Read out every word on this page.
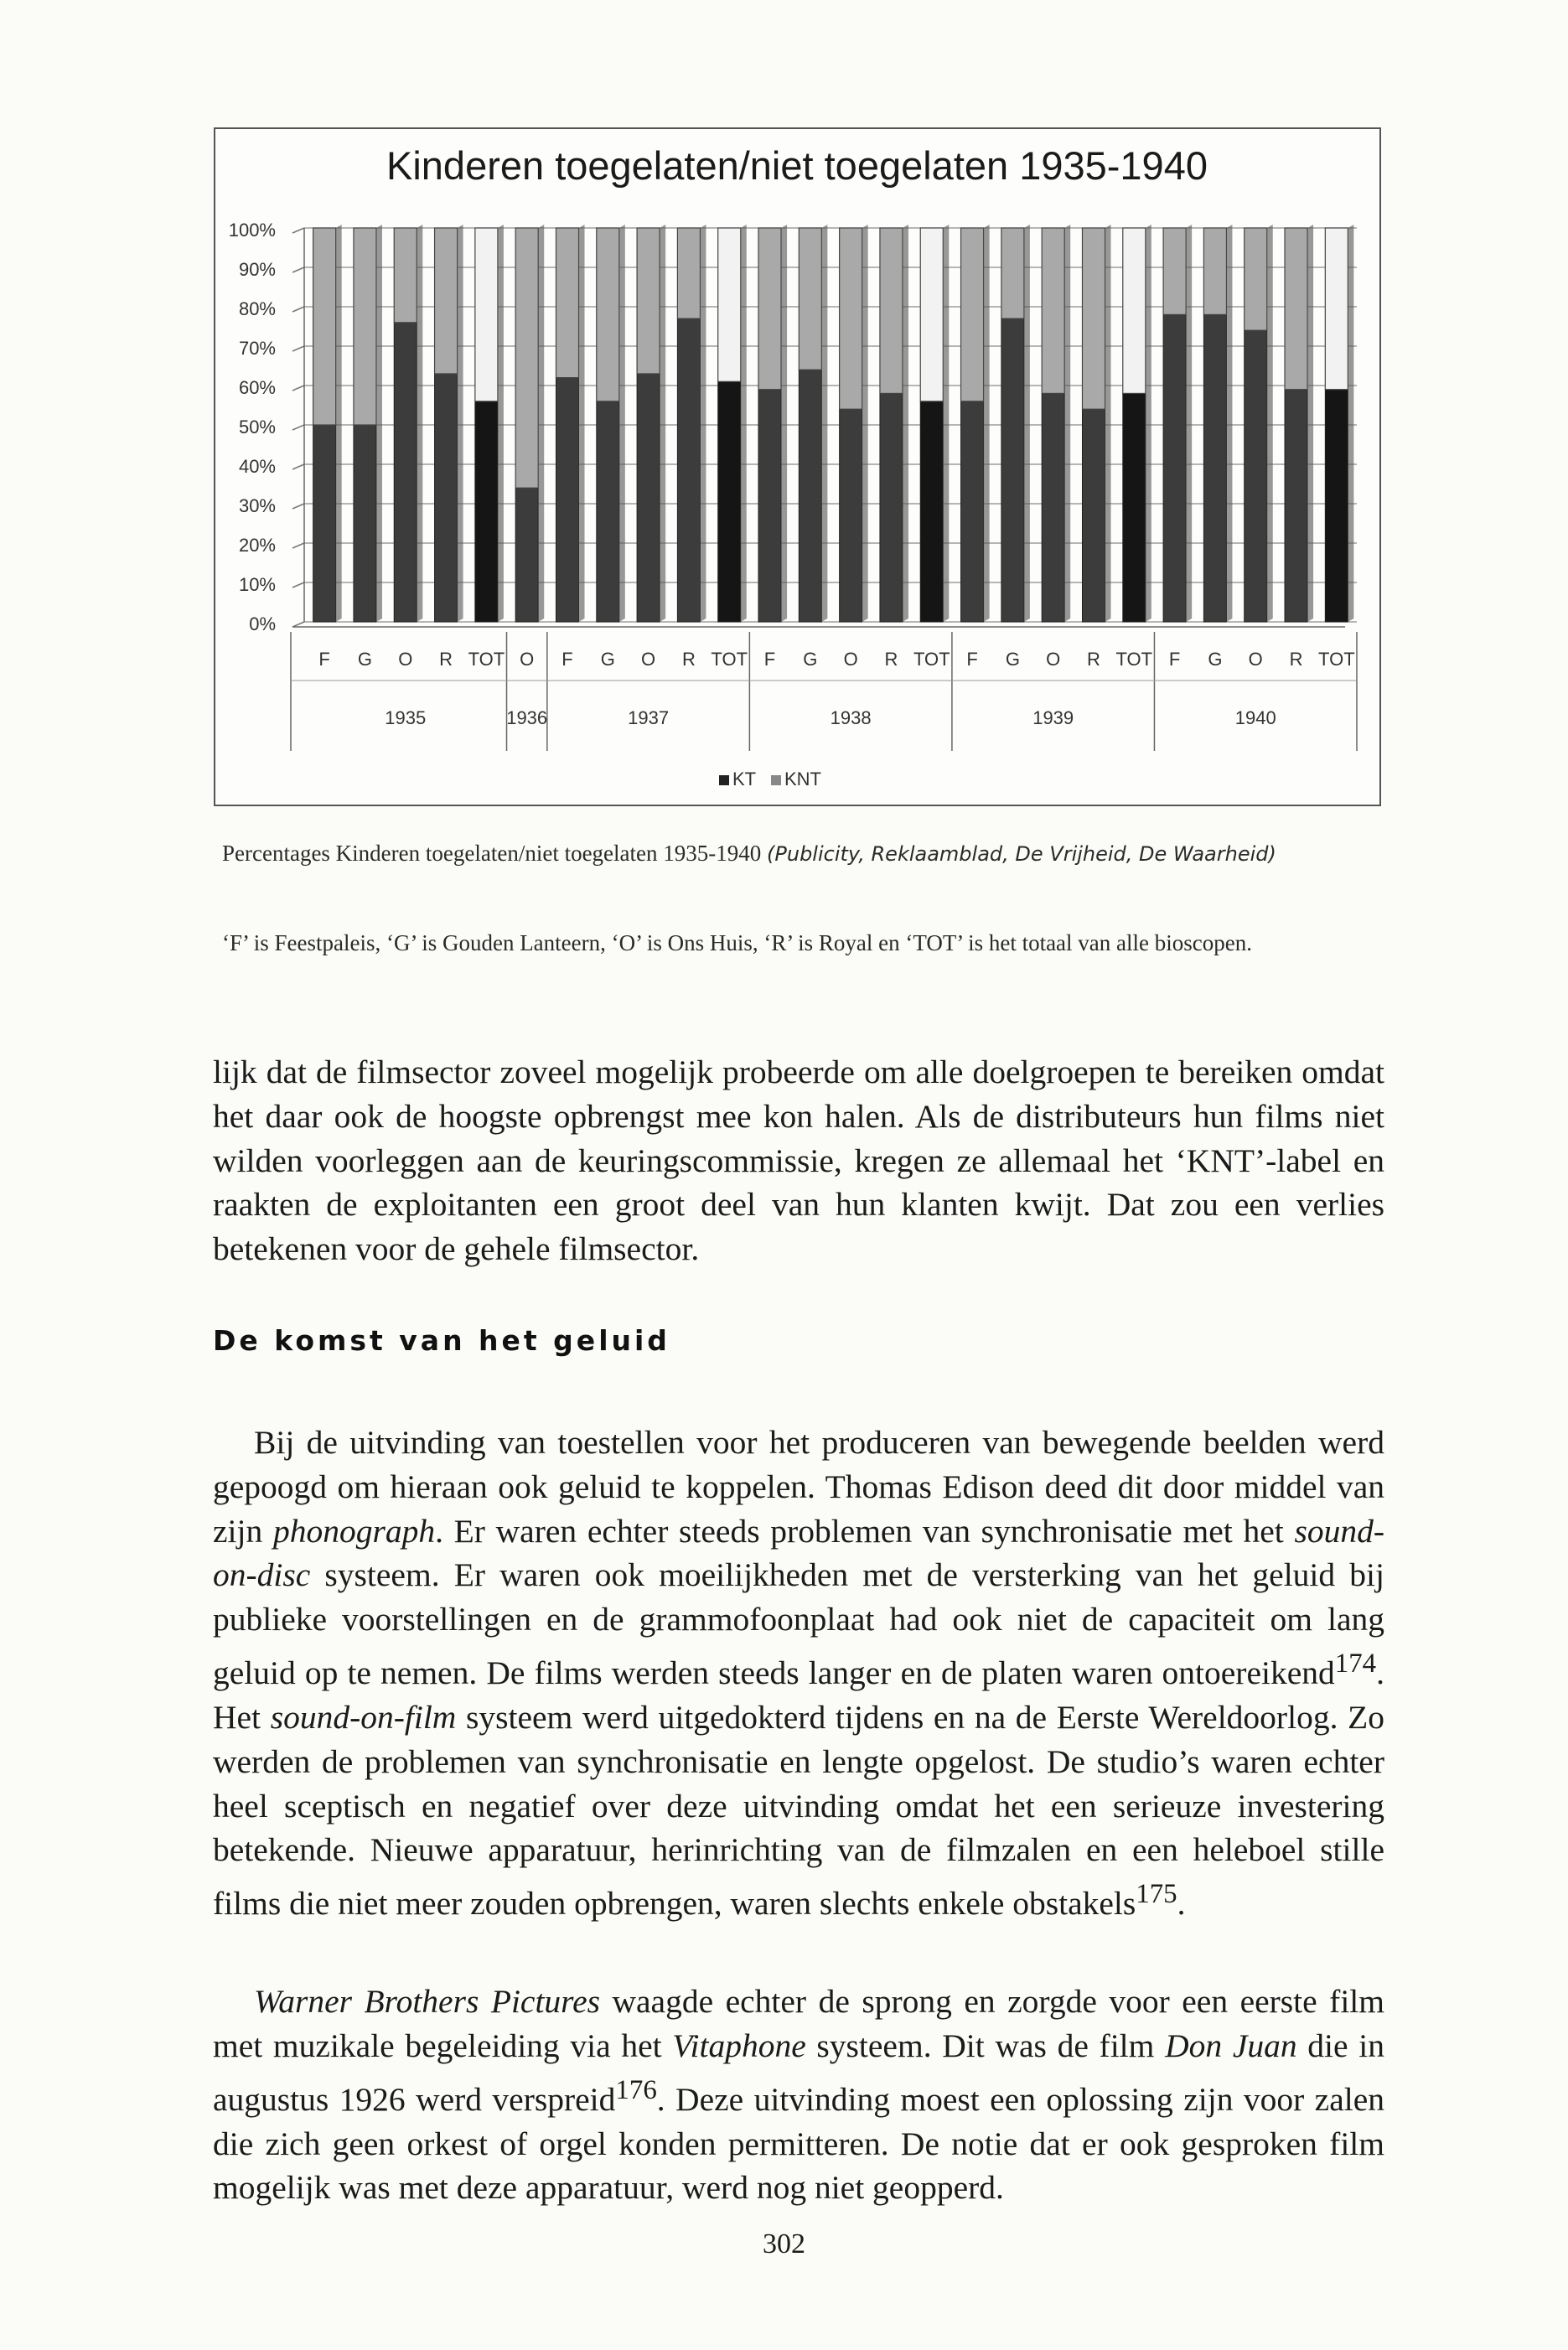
Kinderen toegelaten/niet toegelaten 1935-1940
0%
10%
20%
30%
40%
50%
60%
70%
80%
90%
100%
F G O R TOT O F G O R TOT F G O R TOT F G O R TOT F G O R TOT
1935	1936	1937	1938	1939	1940
KT KNT
Percentages Kinderen toegelaten/niet toegelaten 1935-1940 (Publicity, Reklaamblad, De Vrijheid, De Waarheid)
‘F’ is Feestpaleis, ‘G’ is Gouden Lanteern, ‘O’ is Ons Huis, ‘R’ is Royal en ‘TOT’ is het totaal van alle bioscopen.

lijk dat de filmsector zoveel mogelijk probeerde om alle doelgroepen te bereiken omdat het daar ook de hoogste opbrengst mee kon halen. Als de distributeurs hun films niet wilden voorleggen aan de keuringscommissie, kregen ze allemaal het ‘KNT’-label en raakten de exploitanten een groot deel van hun klanten kwijt. Dat zou een verlies betekenen voor de gehele filmsector.

De komst van het geluid

Bij de uitvinding van toestellen voor het produceren van bewegende beelden werd gepoogd om hieraan ook geluid te koppelen. Thomas Edison deed dit door middel van zijn phonograph. Er waren echter steeds problemen van synchronisatie met het sound-on-disc systeem. Er waren ook moeilijkheden met de versterking van het geluid bij publieke voorstellingen en de grammofoonplaat had ook niet de capaciteit om lang geluid op te nemen. De films werden steeds langer en de platen waren ontoereikend$^{174}$. Het sound-on-film systeem werd uitgedokterd tijdens en na de Eerste Wereldoorlog. Zo werden de problemen van synchronisatie en lengte opgelost. De studio’s waren echter heel sceptisch en negatief over deze uitvinding omdat het een serieuze investering betekende. Nieuwe apparatuur, herinrichting van de filmzalen en een heleboel stille films die niet meer zouden opbrengen, waren slechts enkele obstakels$^{175}$.

Warner Brothers Pictures waagde echter de sprong en zorgde voor een eerste film met muzikale begeleiding via het Vitaphone systeem. Dit was de film Don Juan die in augustus 1926 werd verspreid$^{176}$. Deze uitvinding moest een oplossing zijn voor zalen die zich geen orkest of orgel konden permitteren. De notie dat er ook gesproken film mogelijk was met deze apparatuur, werd nog niet geopperd.

302
